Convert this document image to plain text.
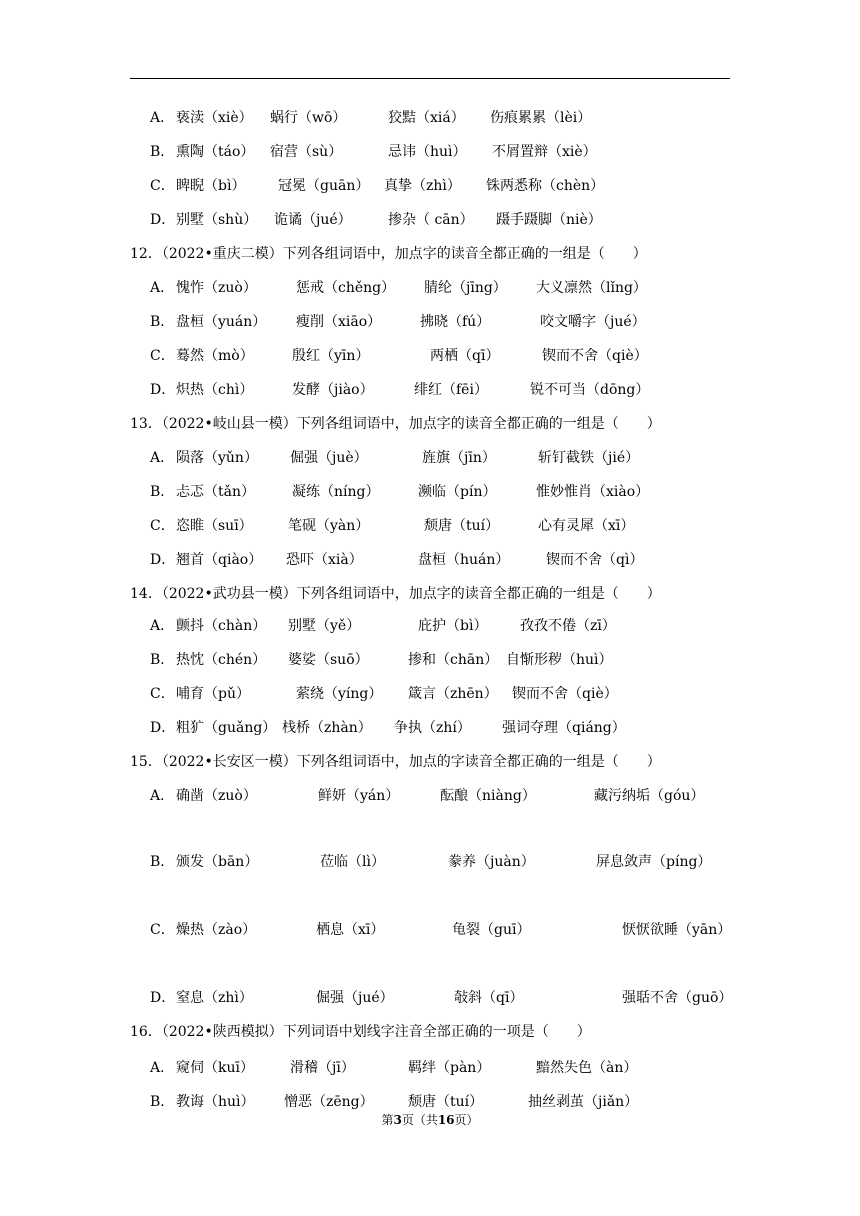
A． 亵渎（xiè） 蜗行（wō）	狡黠（xiá） 伤痕累累（lèi）
B． 熏陶（táo） 宿营（sù）	忌讳（huì） 不屑置辩（xiè）
C． 睥睨（bì） 冠冕（guān） 真挚（zhì） 铢两悉称（chèn）
D． 别墅（shù） 诡谲（jué）	掺杂（ cān） 蹑手蹑脚（niè）
12．（2022•重庆二模）下列各组词语中，加点字的读音全都正确的一组是（　　）
A． 愧怍（zuò）	惩戒（chěng） 腈纶（jīng） 大义凛然（lǐng）
B． 盘桓（yuán） 瘦削（xiāo）	拂晓（fú）	咬文嚼字（jué）
C． 蓦然（mò）	殷红（yīn）	两栖（qī）	锲而不舍（qiè）
D． 炽热（chì）	发酵（jiào）	绯红（fēi）	锐不可当（dōng）
13．（2022•岐山县一模）下列各组词语中，加点字的读音全都正确的一组是（　　）
A． 陨落（yǔn） 倔强（juè）	旌旗（jīn）	斩钉截铁（jié）
B． 忐忑（tǎn）	凝练（níng）	濒临（pín）	惟妙惟肖（xiào）
C． 恣睢（suī）	笔砚（yàn）	颓唐（tuí）	心有灵犀（xī）
D． 翘首（qiào） 恐吓（xià）	盘桓（huán）	锲而不舍（qì）
14．（2022•武功县一模）下列各组词语中，加点字的读音全都正确的一组是（　　）
A． 颤抖（chàn） 别墅（yě）	庇护（bì） 孜孜不倦（zī）
B． 热忱（chén） 婆娑（suō）	掺和（chān） 自惭形秽（huì）
C． 哺育（pǔ）	萦绕（yíng） 箴言（zhēn） 锲而不舍（qiè）
D． 粗犷（guǎng） 栈桥（zhàn） 争执（zhí） 强词夺理（qiáng）
15．（2022•长安区一模）下列各组词语中，加点的字读音全都正确的一组是（　　）
A． 确凿（zuò）	鲜妍（yán）	酝酿（niàng）	藏污纳垢（góu）
B． 颁发（bān）	莅临（lì）	豢养（juàn）	屏息敛声（píng）
C． 燥热（zào）	栖息（xī）	龟裂（guī）	恹恹欲睡（yān）
D． 窒息（zhì）	倔强（jué）	敧斜（qī）	强聒不舍（guō）
16．（2022•陕西模拟）下列词语中划线字注音全部正确的一项是（　　）
A． 窥伺（kuī）	滑稽（jī）	羁绊（pàn）	黯然失色（àn）
B． 教诲（huì） 憎恶（zēng） 颓唐（tuí）	抽丝剥茧（jiǎn）
第3页（共16页）
